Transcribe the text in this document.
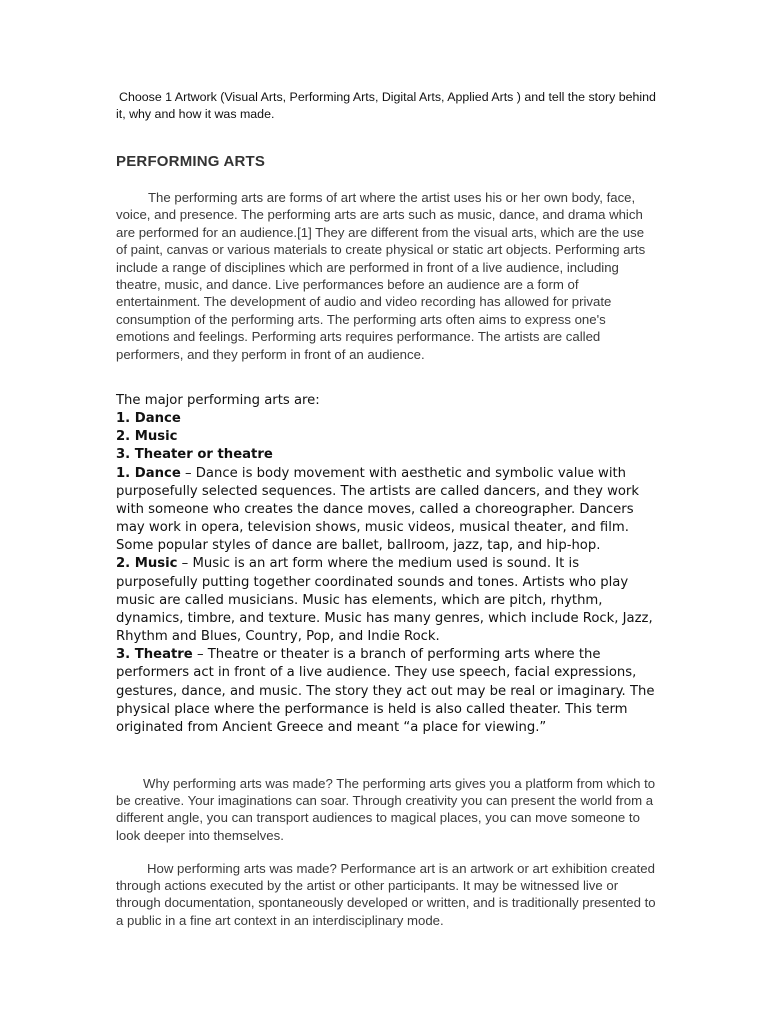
Choose 1 Artwork (Visual Arts, Performing Arts, Digital Arts, Applied Arts ) and tell the story behind it, why and how it was made.

PERFORMING ARTS

The performing arts are forms of art where the artist uses his or her own body, face, voice, and presence. The performing arts are arts such as music, dance, and drama which are performed for an audience.[1] They are different from the visual arts, which are the use of paint, canvas or various materials to create physical or static art objects. Performing arts include a range of disciplines which are performed in front of a live audience, including theatre, music, and dance. Live performances before an audience are a form of entertainment. The development of audio and video recording has allowed for private consumption of the performing arts. The performing arts often aims to express one's emotions and feelings. Performing arts requires performance. The artists are called performers, and they perform in front of an audience.

The major performing arts are:

1. Dance

2. Music

3. Theater or theatre

1. Dance – Dance is body movement with aesthetic and symbolic value with purposefully selected sequences. The artists are called dancers, and they work with someone who creates the dance moves, called a choreographer. Dancers may work in opera, television shows, music videos, musical theater, and film. Some popular styles of dance are ballet, ballroom, jazz, tap, and hip-hop.

2. Music – Music is an art form where the medium used is sound. It is purposefully putting together coordinated sounds and tones. Artists who play music are called musicians. Music has elements, which are pitch, rhythm, dynamics, timbre, and texture. Music has many genres, which include Rock, Jazz, Rhythm and Blues, Country, Pop, and Indie Rock.

3. Theatre – Theatre or theater is a branch of performing arts where the performers act in front of a live audience. They use speech, facial expressions, gestures, dance, and music. The story they act out may be real or imaginary. The physical place where the performance is held is also called theater. This term originated from Ancient Greece and meant “a place for viewing.”

Why performing arts was made? The performing arts gives you a platform from which to be creative. Your imaginations can soar. Through creativity you can present the world from a different angle, you can transport audiences to magical places, you can move someone to look deeper into themselves.

How performing arts was made? Performance art is an artwork or art exhibition created through actions executed by the artist or other participants. It may be witnessed live or through documentation, spontaneously developed or written, and is traditionally presented to a public in a fine art context in an interdisciplinary mode.
